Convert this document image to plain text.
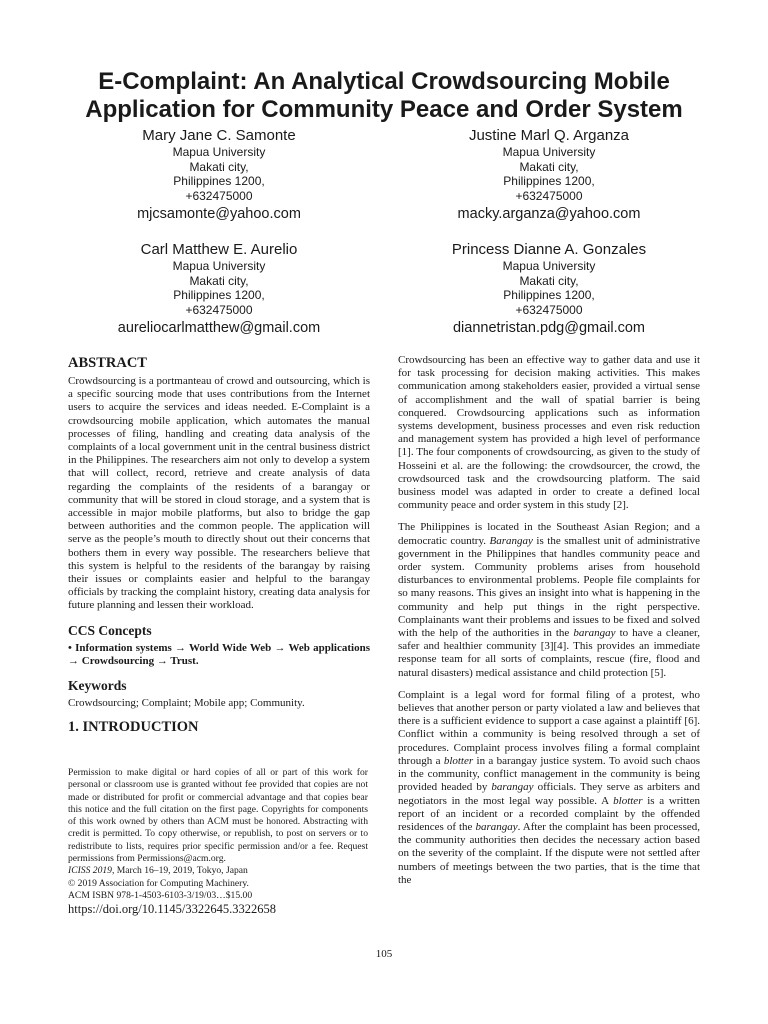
E-Complaint: An Analytical Crowdsourcing Mobile
Application for Community Peace and Order System
Mary Jane C. Samonte
Mapua University
Makati city,
Philippines 1200,
+632475000
mjcsamonte@yahoo.com
Justine Marl Q. Arganza
Mapua University
Makati city,
Philippines 1200,
+632475000
macky.arganza@yahoo.com
Carl Matthew E. Aurelio
Mapua University
Makati city,
Philippines 1200,
+632475000
aureliocarlmatthew@gmail.com
Princess Dianne A. Gonzales
Mapua University
Makati city,
Philippines 1200,
+632475000
diannetristan.pdg@gmail.com
ABSTRACT

Crowdsourcing is a portmanteau of crowd and outsourcing, which is a specific sourcing mode that uses contributions from the Internet users to acquire the services and ideas needed. E-Complaint is a crowdsourcing mobile application, which automates the manual processes of filing, handling and creating data analysis of the complaints of a local government unit in the central business district in the Philippines. The researchers aim not only to develop a system that will collect, record, retrieve and create analysis of data regarding the complaints of the residents of a barangay or community that will be stored in cloud storage, and a system that is accessible in major mobile platforms, but also to bridge the gap between authorities and the common people. The application will serve as the people’s mouth to directly shout out their concerns that bothers them in every way possible. The researchers believe that this system is helpful to the residents of the barangay by raising their issues or complaints easier and helpful to the barangay officials by tracking the complaint history, creating data analysis for future planning and lessen their workload.

CCS Concepts

• Information systems → World Wide Web → Web applications → Crowdsourcing → Trust.

Keywords

Crowdsourcing; Complaint; Mobile app; Community.

1. INTRODUCTION

Permission to make digital or hard copies of all or part of this work for personal or classroom use is granted without fee provided that copies are not made or distributed for profit or commercial advantage and that copies bear this notice and the full citation on the first page. Copyrights for components of this work owned by others than ACM must be honored. Abstracting with credit is permitted. To copy otherwise, or republish, to post on servers or to redistribute to lists, requires prior specific permission and/or a fee. Request permissions from Permissions@acm.org.

ICISS 2019, March 16–19, 2019, Tokyo, Japan

© 2019 Association for Computing Machinery.

ACM ISBN 978-1-4503-6103-3/19/03…$15.00

https://doi.org/10.1145/3322645.3322658

Crowdsourcing has been an effective way to gather data and use it for task processing for decision making activities. This makes communication among stakeholders easier, provided a virtual sense of accomplishment and the wall of spatial barrier is being conquered. Crowdsourcing applications such as information systems development, business processes and even risk reduction and management system has provided a high level of performance [1]. The four components of crowdsourcing, as given to the study of Hosseini et al. are the following: the crowdsourcer, the crowd, the crowdsourced task and the crowdsourcing platform. The said business model was adapted in order to create a defined local community peace and order system in this study [2].

The Philippines is located in the Southeast Asian Region; and a democratic country. Barangay is the smallest unit of administrative government in the Philippines that handles community peace and order system. Community problems arises from household disturbances to environmental problems. People file complaints for so many reasons. This gives an insight into what is happening in the community and help put things in the right perspective. Complainants want their problems and issues to be fixed and solved with the help of the authorities in the barangay to have a cleaner, safer and healthier community [3][4]. This provides an immediate response team for all sorts of complaints, rescue (fire, flood and natural disasters) medical assistance and child protection [5].

Complaint is a legal word for formal filing of a protest, who believes that another person or party violated a law and believes that there is a sufficient evidence to support a case against a plaintiff [6]. Conflict within a community is being resolved through a set of procedures. Complaint process involves filing a formal complaint through a blotter in a barangay justice system. To avoid such chaos in the community, conflict management in the community is being provided headed by barangay officials. They serve as arbiters and negotiators in the most legal way possible. A blotter is a written report of an incident or a recorded complaint by the offended residences of the barangay. After the complaint has been processed, the community authorities then decides the necessary action based on the severity of the complaint. If the dispute were not settled after numbers of meetings between the two parties, that is the time that the

105
